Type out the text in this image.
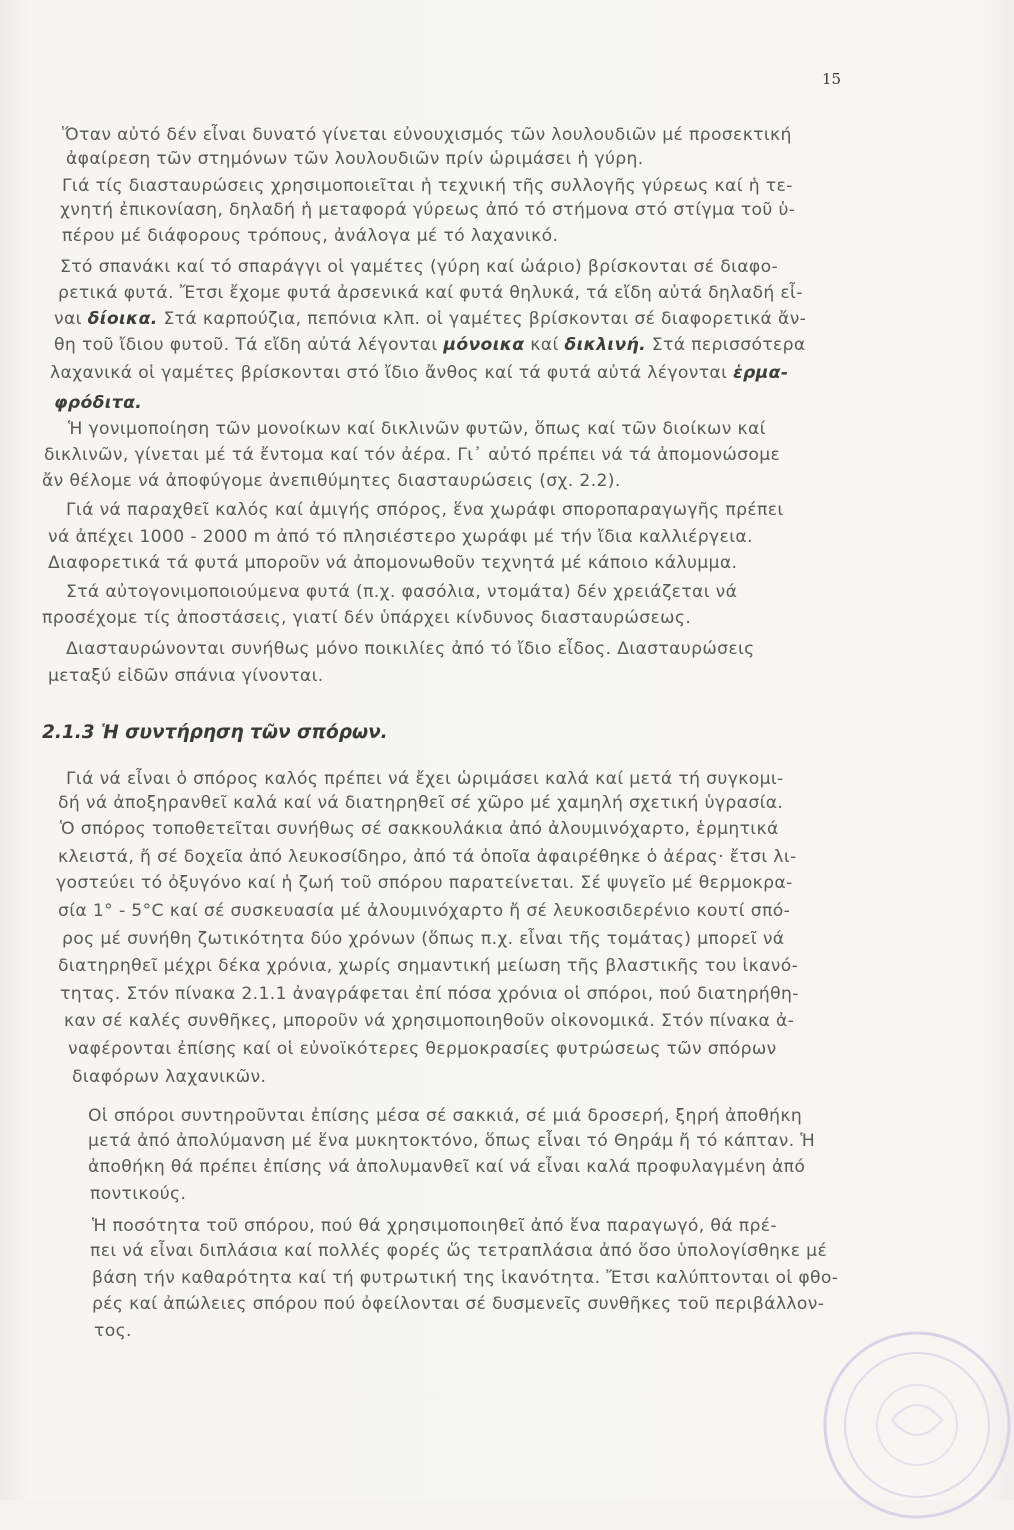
15
2.1.3 Ἡ συντήρηση τῶν σπόρων.
Ὅταν αὐτό δέν εἶναι δυνατό γίνεται εὐνουχισμός τῶν λουλουδιῶν μέ προσεκτική
ἀφαίρεση τῶν στημόνων τῶν λουλουδιῶν πρίν ὡριμάσει ἡ γύρη.
Γιά τίς διασταυρώσεις χρησιμοποιεῖται ἡ τεχνική τῆς συλλογῆς γύρεως καί ἡ τε-
χνητή ἐπικονίαση, δηλαδή ἡ μεταφορά γύρεως ἀπό τό στήμονα στό στίγμα τοῦ ὑ-
πέρου μέ διάφορους τρόπους, ἀνάλογα μέ τό λαχανικό.
Στό σπανάκι καί τό σπαράγγι οἱ γαμέτες (γύρη καί ὠάριο) βρίσκονται σέ διαφο-
ρετικά φυτά. Ἔτσι ἔχομε φυτά ἀρσενικά καί φυτά θηλυκά, τά εἴδη αὐτά δηλαδή εἶ-
ναι δίοικα. Στά καρπούζια, πεπόνια κλπ. οἱ γαμέτες βρίσκονται σέ διαφορετικά ἄν-
θη τοῦ ἴδιου φυτοῦ. Τά εἴδη αὐτά λέγονται μόνοικα καί δικλινή. Στά περισσότερα
λαχανικά οἱ γαμέτες βρίσκονται στό ἴδιο ἄνθος καί τά φυτά αὐτά λέγονται ἑρμα-
φρόδιτα.
Ἡ γονιμοποίηση τῶν μονοίκων καί δικλινῶν φυτῶν, ὅπως καί τῶν διοίκων καί
δικλινῶν, γίνεται μέ τά ἔντομα καί τόν ἀέρα. Γι᾿ αὐτό πρέπει νά τά ἀπομονώσομε
ἄν θέλομε νά ἀποφύγομε ἀνεπιθύμητες διασταυρώσεις (σχ. 2.2).
Γιά νά παραχθεῖ καλός καί ἀμιγής σπόρος, ἕνα χωράφι σποροπαραγωγῆς πρέπει
νά ἀπέχει 1000 - 2000 m ἀπό τό πλησιέστερο χωράφι μέ τήν ἴδια καλλιέργεια.
Διαφορετικά τά φυτά μποροῦν νά ἀπομονωθοῦν τεχνητά μέ κάποιο κάλυμμα.
Στά αὐτογονιμοποιούμενα φυτά (π.χ. φασόλια, ντομάτα) δέν χρειάζεται νά
προσέχομε τίς ἀποστάσεις, γιατί δέν ὑπάρχει κίνδυνος διασταυρώσεως.
Διασταυρώνονται συνήθως μόνο ποικιλίες ἀπό τό ἴδιο εἶδος. Διασταυρώσεις
μεταξύ εἰδῶν σπάνια γίνονται.
Γιά νά εἶναι ὁ σπόρος καλός πρέπει νά ἔχει ὡριμάσει καλά καί μετά τή συγκομι-
δή νά ἀποξηρανθεῖ καλά καί νά διατηρηθεῖ σέ χῶρο μέ χαμηλή σχετική ὑγρασία.
Ὁ σπόρος τοποθετεῖται συνήθως σέ σακκουλάκια ἀπό ἀλουμινόχαρτο, ἑρμητικά
κλειστά, ἤ σέ δοχεῖα ἀπό λευκοσίδηρο, ἀπό τά ὁποῖα ἀφαιρέθηκε ὁ ἀέρας· ἔτσι λι-
γοστεύει τό ὀξυγόνο καί ἡ ζωή τοῦ σπόρου παρατείνεται. Σέ ψυγεῖο μέ θερμοκρα-
σία 1° - 5°C καί σέ συσκευασία μέ ἀλουμινόχαρτο ἤ σέ λευκοσιδερένιο κουτί σπό-
ρος μέ συνήθη ζωτικότητα δύο χρόνων (ὅπως π.χ. εἶναι τῆς τομάτας) μπορεῖ νά
διατηρηθεῖ μέχρι δέκα χρόνια, χωρίς σημαντική μείωση τῆς βλαστικῆς του ἱκανό-
τητας. Στόν πίνακα 2.1.1 ἀναγράφεται ἐπί πόσα χρόνια οἱ σπόροι, πού διατηρήθη-
καν σέ καλές συνθῆκες, μποροῦν νά χρησιμοποιηθοῦν οἰκονομικά. Στόν πίνακα ἀ-
ναφέρονται ἐπίσης καί οἱ εὐνοϊκότερες θερμοκρασίες φυτρώσεως τῶν σπόρων
διαφόρων λαχανικῶν.
Οἱ σπόροι συντηροῦνται ἐπίσης μέσα σέ σακκιά, σέ μιά δροσερή, ξηρή ἀποθήκη
μετά ἀπό ἀπολύμανση μέ ἕνα μυκητοκτόνο, ὅπως εἶναι τό Θηράμ ἤ τό κάπταν. Ἡ
ἀποθήκη θά πρέπει ἐπίσης νά ἀπολυμανθεῖ καί νά εἶναι καλά προφυλαγμένη ἀπό
ποντικούς.
Ἡ ποσότητα τοῦ σπόρου, πού θά χρησιμοποιηθεῖ ἀπό ἕνα παραγωγό, θά πρέ-
πει νά εἶναι διπλάσια καί πολλές φορές ὥς τετραπλάσια ἀπό ὅσο ὑπολογίσθηκε μέ
βάση τήν καθαρότητα καί τή φυτρωτική της ἱκανότητα. Ἔτσι καλύπτονται οἱ φθο-
ρές καί ἀπώλειες σπόρου πού ὀφείλονται σέ δυσμενεῖς συνθῆκες τοῦ περιβάλλον-
τος.
